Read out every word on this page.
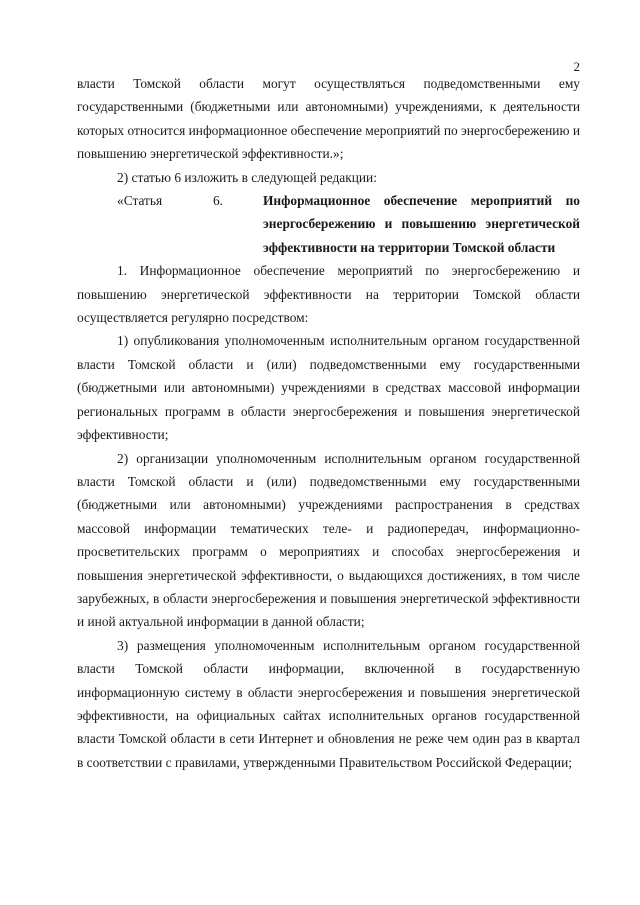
2

власти Томской области могут осуществляться подведомственными ему государственными (бюджетными или автономными) учреждениями, к деятельности которых относится информационное обеспечение мероприятий по энергосбережению и повышению энергетической эффективности.»;

2) статью 6 изложить в следующей редакции:

«Статья	6.	Информационное обеспечение мероприятий по энергосбережению и повышению энергетической эффективности на территории Томской области

1. Информационное обеспечение мероприятий по энергосбережению и повышению энергетической эффективности на территории Томской области осуществляется регулярно посредством:

1) опубликования уполномоченным исполнительным органом государственной власти Томской области и (или) подведомственными ему государственными (бюджетными или автономными) учреждениями в средствах массовой информации региональных программ в области энергосбережения и повышения энергетической эффективности;

2) организации уполномоченным исполнительным органом государственной власти Томской области и (или) подведомственными ему государственными (бюджетными или автономными) учреждениями распространения в средствах массовой информации тематических теле- и радиопередач, информационно-просветительских программ о мероприятиях и способах энергосбережения и повышения энергетической эффективности, о выдающихся достижениях, в том числе зарубежных, в области энергосбережения и повышения энергетической эффективности и иной актуальной информации в данной области;

3) размещения уполномоченным исполнительным органом государственной власти Томской области информации, включенной в государственную информационную систему в области энергосбережения и повышения энергетической эффективности, на официальных сайтах исполнительных органов государственной власти Томской области в сети Интернет и обновления не реже чем один раз в квартал в соответствии с правилами, утвержденными Правительством Российской Федерации;
